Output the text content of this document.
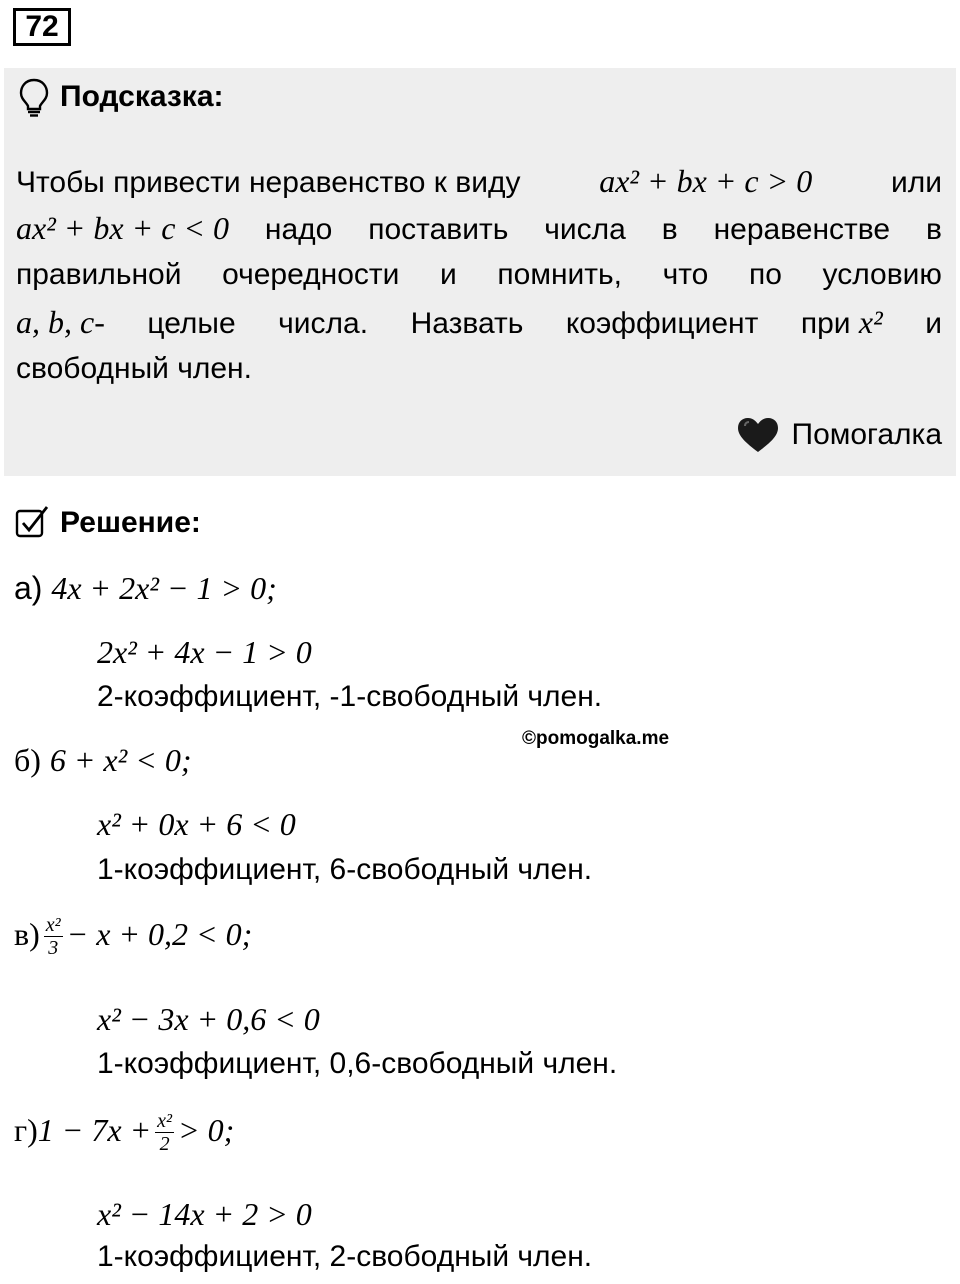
72
Подсказка:
Чтобы привести неравенство к виду ax² + bx + c > 0	или
ax² + bx + c < 0 надо поставить числа в неравенстве в
правильной очередности и помнить, что по условию
a, b, c- целые числа. Назвать коэффициент при x² и
свободный член.
Помогалка
Решение:
а) 4x + 2x² − 1 > 0;
2x² + 4x − 1 > 0
2-коэффициент, -1-свободный член.
©pomogalka.me
б) 6 + x² < 0;
x² + 0x + 6 < 0
1-коэффициент, 6-свободный член.
$в) \frac{\text{x²}}{3} - x + 0,2 < 0$;
x² − 3x + 0,6 < 0
1-коэффициент, 0,6-свободный член.
$г)1 - 7x + \frac{\text{x²}}{2} > 0$;
x² − 14x + 2 > 0
1-коэффициент, 2-свободный член.
